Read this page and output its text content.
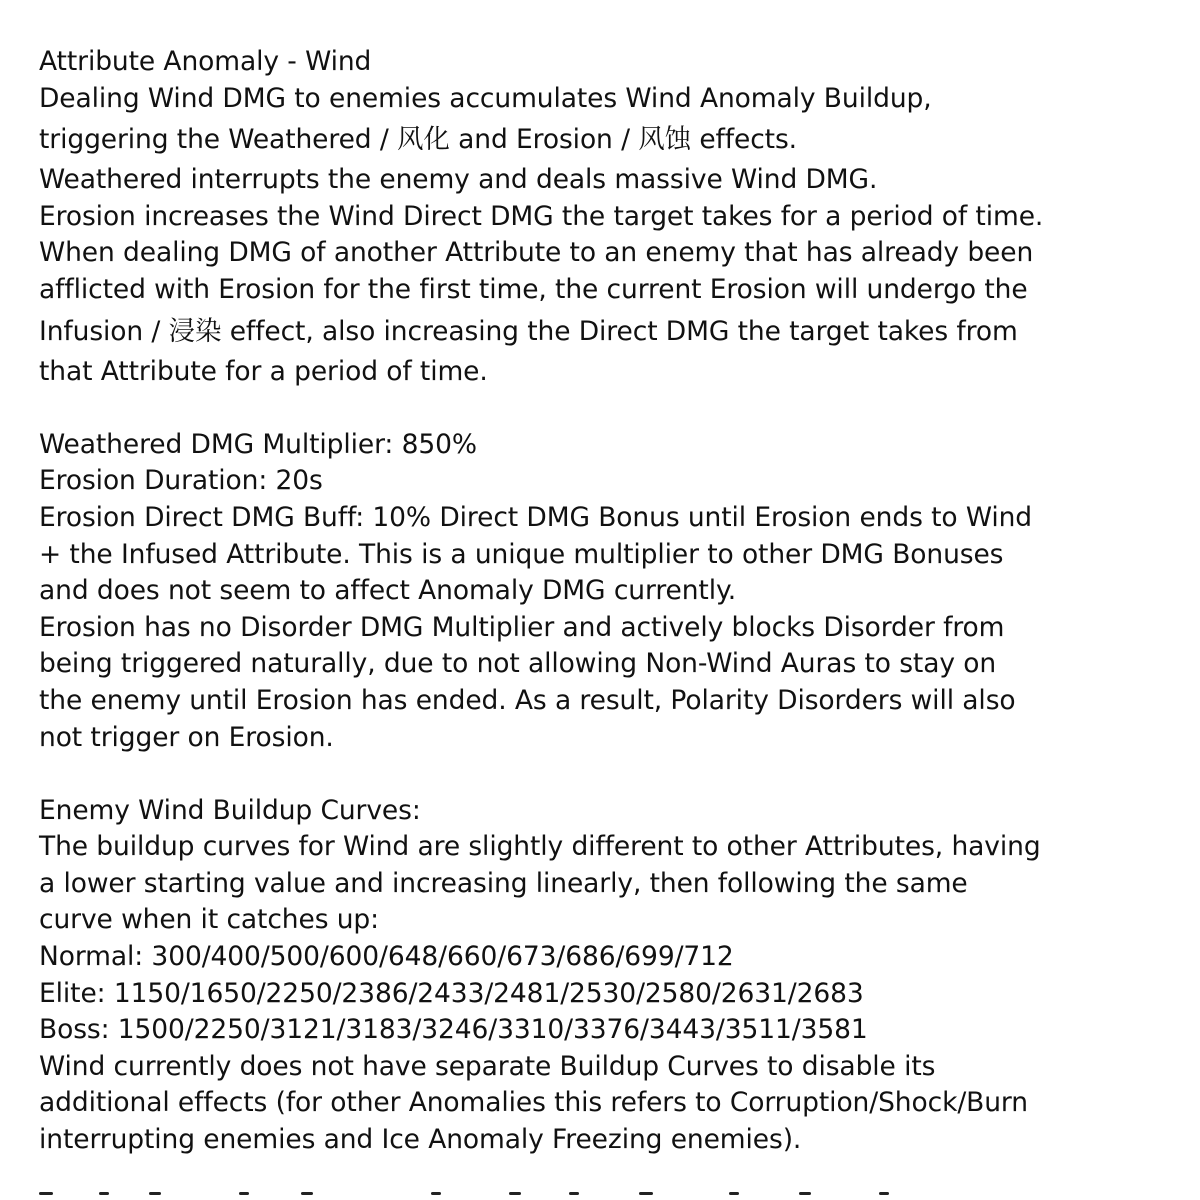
Attribute Anomaly - Wind
Dealing Wind DMG to enemies accumulates Wind Anomaly Buildup,
triggering the Weathered / 风化 and Erosion / 风蚀 effects.
Weathered interrupts the enemy and deals massive Wind DMG.
Erosion increases the Wind Direct DMG the target takes for a period of time.
When dealing DMG of another Attribute to an enemy that has already been
afflicted with Erosion for the first time, the current Erosion will undergo the
Infusion / 浸染 effect, also increasing the Direct DMG the target takes from
that Attribute for a period of time.
Weathered DMG Multiplier: 850%
Erosion Duration: 20s
Erosion Direct DMG Buff: 10% Direct DMG Bonus until Erosion ends to Wind
+ the Infused Attribute. This is a unique multiplier to other DMG Bonuses
and does not seem to affect Anomaly DMG currently.
Erosion has no Disorder DMG Multiplier and actively blocks Disorder from
being triggered naturally, due to not allowing Non-Wind Auras to stay on
the enemy until Erosion has ended. As a result, Polarity Disorders will also
not trigger on Erosion.
Enemy Wind Buildup Curves:
The buildup curves for Wind are slightly different to other Attributes, having
a lower starting value and increasing linearly, then following the same
curve when it catches up:
Normal: 300/400/500/600/648/660/673/686/699/712
Elite: 1150/1650/2250/2386/2433/2481/2530/2580/2631/2683
Boss: 1500/2250/3121/3183/3246/3310/3376/3443/3511/3581
Wind currently does not have separate Buildup Curves to disable its
additional effects (for other Anomalies this refers to Corruption/Shock/Burn
interrupting enemies and Ice Anomaly Freezing enemies).
